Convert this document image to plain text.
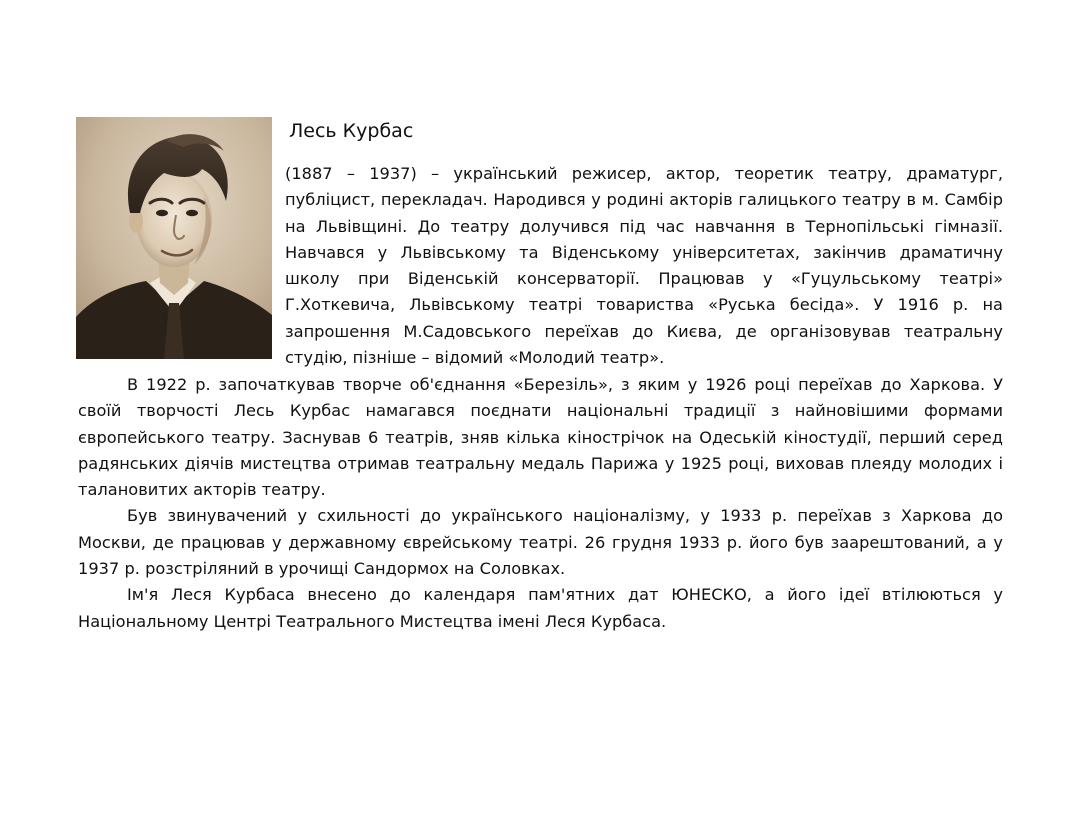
Лесь Курбас

(1887 – 1937) – український режисер, актор, теоретик театру, драматург, публіцист, перекладач. Народився у родині акторів галицького театру в м. Самбір на Львівщині. До театру долучився під час навчання в Тернопільські гімназії. Навчався у Львівському та Віденському університетах, закінчив драматичну школу при Віденській консерваторії. Працював у «Гуцульському театрі» Г.Хоткевича, Львівському театрі товариства «Руська бесіда». У 1916 р. на запрошення М.Садовського переїхав до Києва, де організовував театральну студію, пізніше – відомий «Молодий театр».

В 1922 р. започаткував творче об'єднання «Березіль», з яким у 1926 році переїхав до Харкова. У своїй творчості Лесь Курбас намагався поєднати національні традиції з найновішими формами європейського театру. Заснував 6 театрів, зняв кілька кінострічок на Одеській кіностудії, перший серед радянських діячів мистецтва отримав театральну медаль Парижа у 1925 році, виховав плеяду молодих і талановитих акторів театру.

Був звинувачений у схильності до українського націоналізму, у 1933 р. переїхав з Харкова до Москви, де працював у державному єврейському театрі. 26 грудня 1933 р. його був заарештований, а у 1937 р. розстріляний в урочищі Сандормох на Соловках.

Ім'я Леся Курбаса внесено до календаря пам'ятних дат ЮНЕСКО, а його ідеї втілюються у Національному Центрі Театрального Мистецтва імені Леся Курбаса.
